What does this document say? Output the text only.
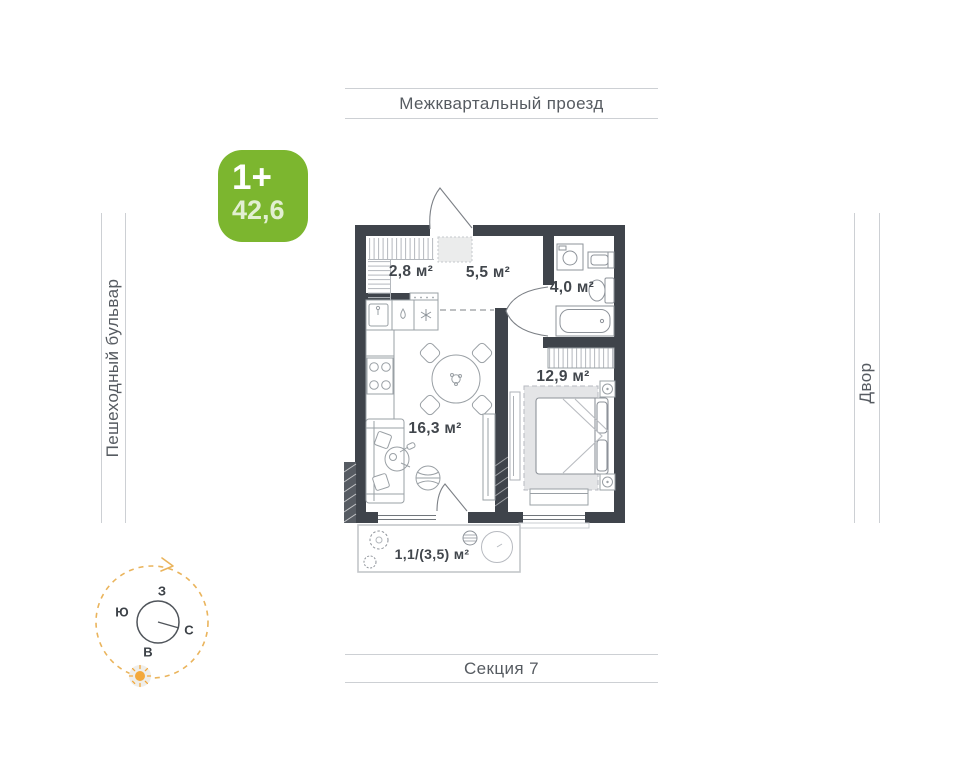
Межквартальный проезд
Секция 7
Пешеходный бульвар	Двор
1+
42,6
2,8 м² 5,5 м²
4,0 м²
16,3 м²
12,9 м²
1,1/(3,5) м²
З
Ю
С
В
